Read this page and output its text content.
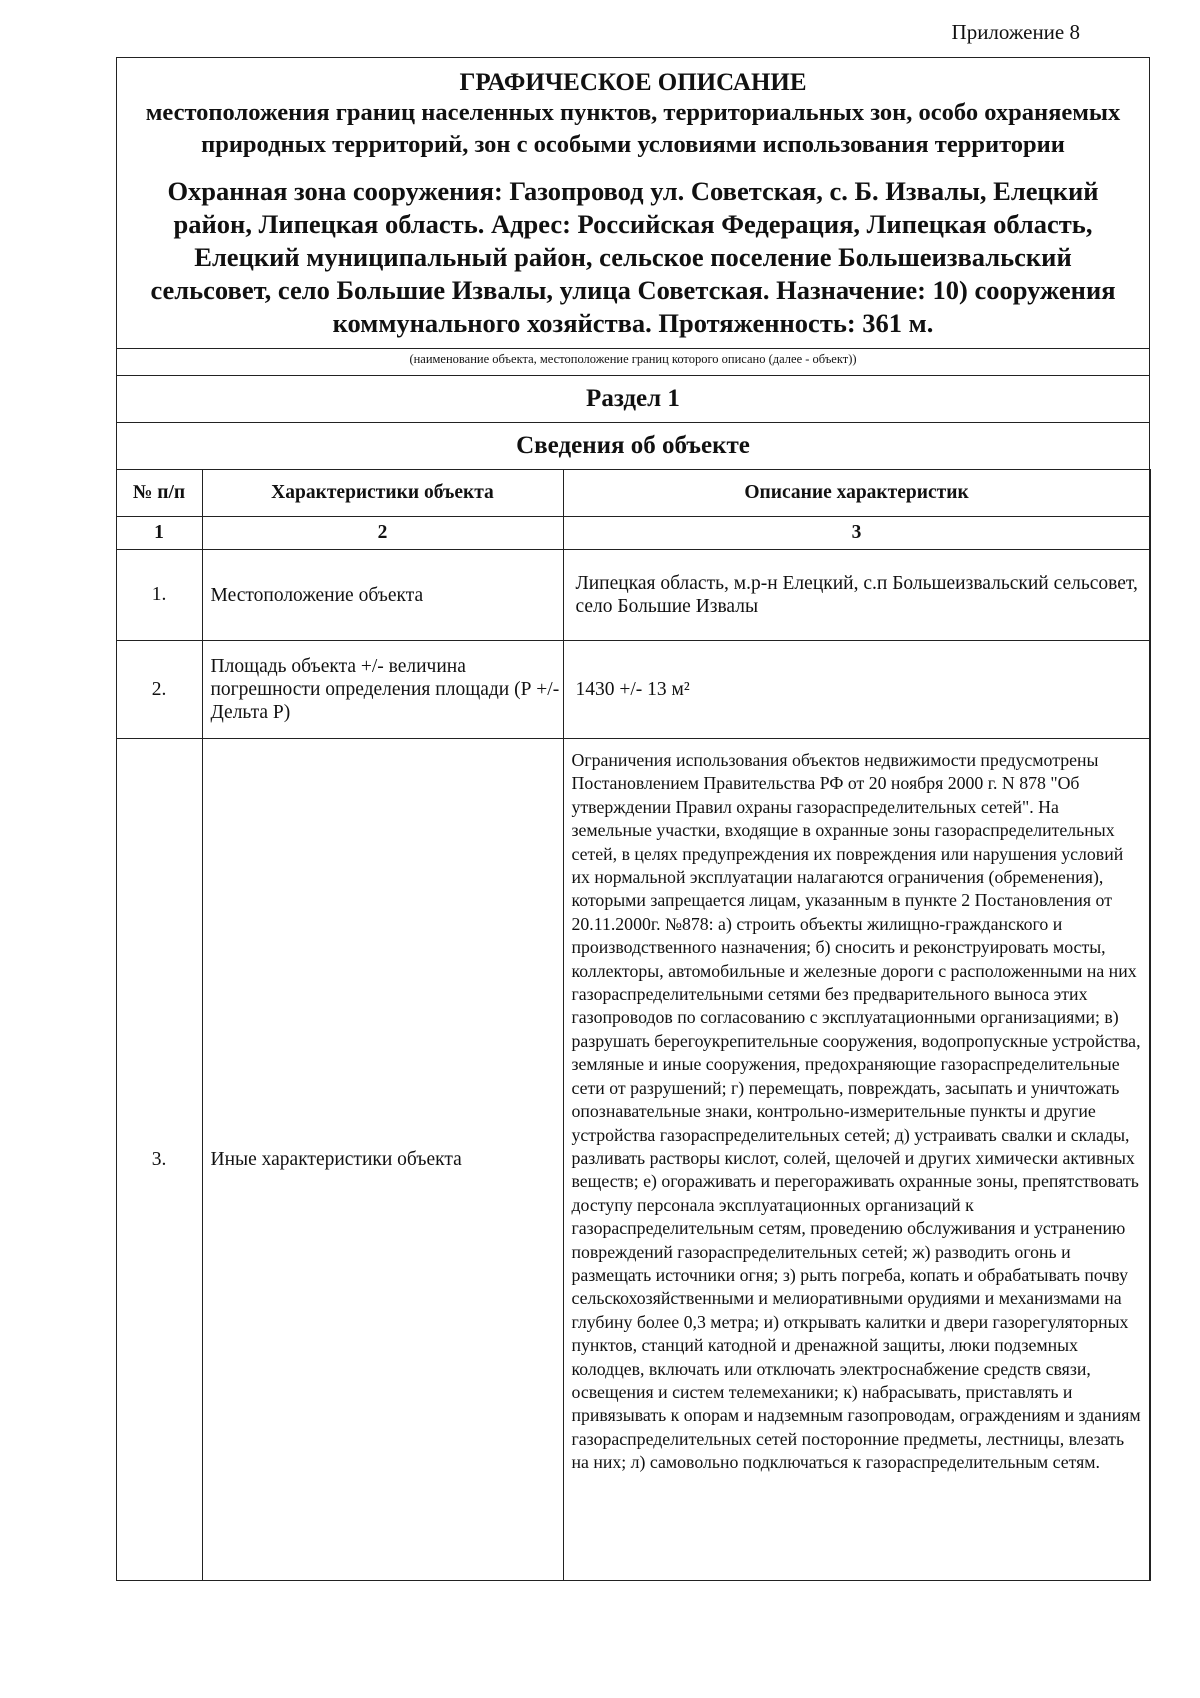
Приложение 8
ГРАФИЧЕСКОЕ ОПИСАНИЕ
местоположения границ населенных пунктов, территориальных зон, особо охраняемых природных территорий, зон с особыми условиями использования территории
Охранная зона сооружения: Газопровод ул. Советская, с. Б. Извалы, Елецкий район, Липецкая область. Адрес: Российская Федерация, Липецкая область, Елецкий муниципальный район, сельское поселение Большеизвальский сельсовет, село Большие Извалы, улица Советская. Назначение: 10) сооружения коммунального хозяйства. Протяженность: 361 м.
(наименование объекта, местоположение границ которого описано (далее - объект))
Раздел 1
Сведения об объекте
№ п/п	Характеристики объекта	Описание характеристик
1	2	3
1.	Местоположение объекта	Липецкая область, м.р-н Елецкий, с.п Большеизвальский сельсовет, село Большие Извалы
2.	Площадь объекта +/- величина погрешности определения площади (Р +/- Дельта Р)	1430 +/- 13 м²
3.	Иные характеристики объекта	Ограничения использования объектов недвижимости предусмотрены Постановлением Правительства РФ от 20 ноября 2000 г. N 878 "Об утверждении Правил охраны газораспределительных сетей". На земельные участки, входящие в охранные зоны газораспределительных сетей, в целях предупреждения их повреждения или нарушения условий их нормальной эксплуатации налагаются ограничения (обременения), которыми запрещается лицам, указанным в пункте 2 Постановления от 20.11.2000г. №878: а) строить объекты жилищно-гражданского и производственного назначения; б) сносить и реконструировать мосты, коллекторы, автомобильные и железные дороги с расположенными на них газораспределительными сетями без предварительного выноса этих газопроводов по согласованию с эксплуатационными организациями; в) разрушать берегоукрепительные сооружения, водопропускные устройства, земляные и иные сооружения, предохраняющие газораспределительные сети от разрушений; г) перемещать, повреждать, засыпать и уничтожать опознавательные знаки, контрольно-измерительные пункты и другие устройства газораспределительных сетей; д) устраивать свалки и склады, разливать растворы кислот, солей, щелочей и других химически активных веществ; е) огораживать и перегораживать охранные зоны, препятствовать доступу персонала эксплуатационных организаций к газораспределительным сетям, проведению обслуживания и устранению повреждений газораспределительных сетей; ж) разводить огонь и размещать источники огня; з) рыть погреба, копать и обрабатывать почву сельскохозяйственными и мелиоративными орудиями и механизмами на глубину более 0,3 метра; и) открывать калитки и двери газорегуляторных пунктов, станций катодной и дренажной защиты, люки подземных колодцев, включать или отключать электроснабжение средств связи, освещения и систем телемеханики; к) набрасывать, приставлять и привязывать к опорам и надземным газопроводам, ограждениям и зданиям газораспределительных сетей посторонние предметы, лестницы, влезать на них; л) самовольно подключаться к газораспределительным сетям.
